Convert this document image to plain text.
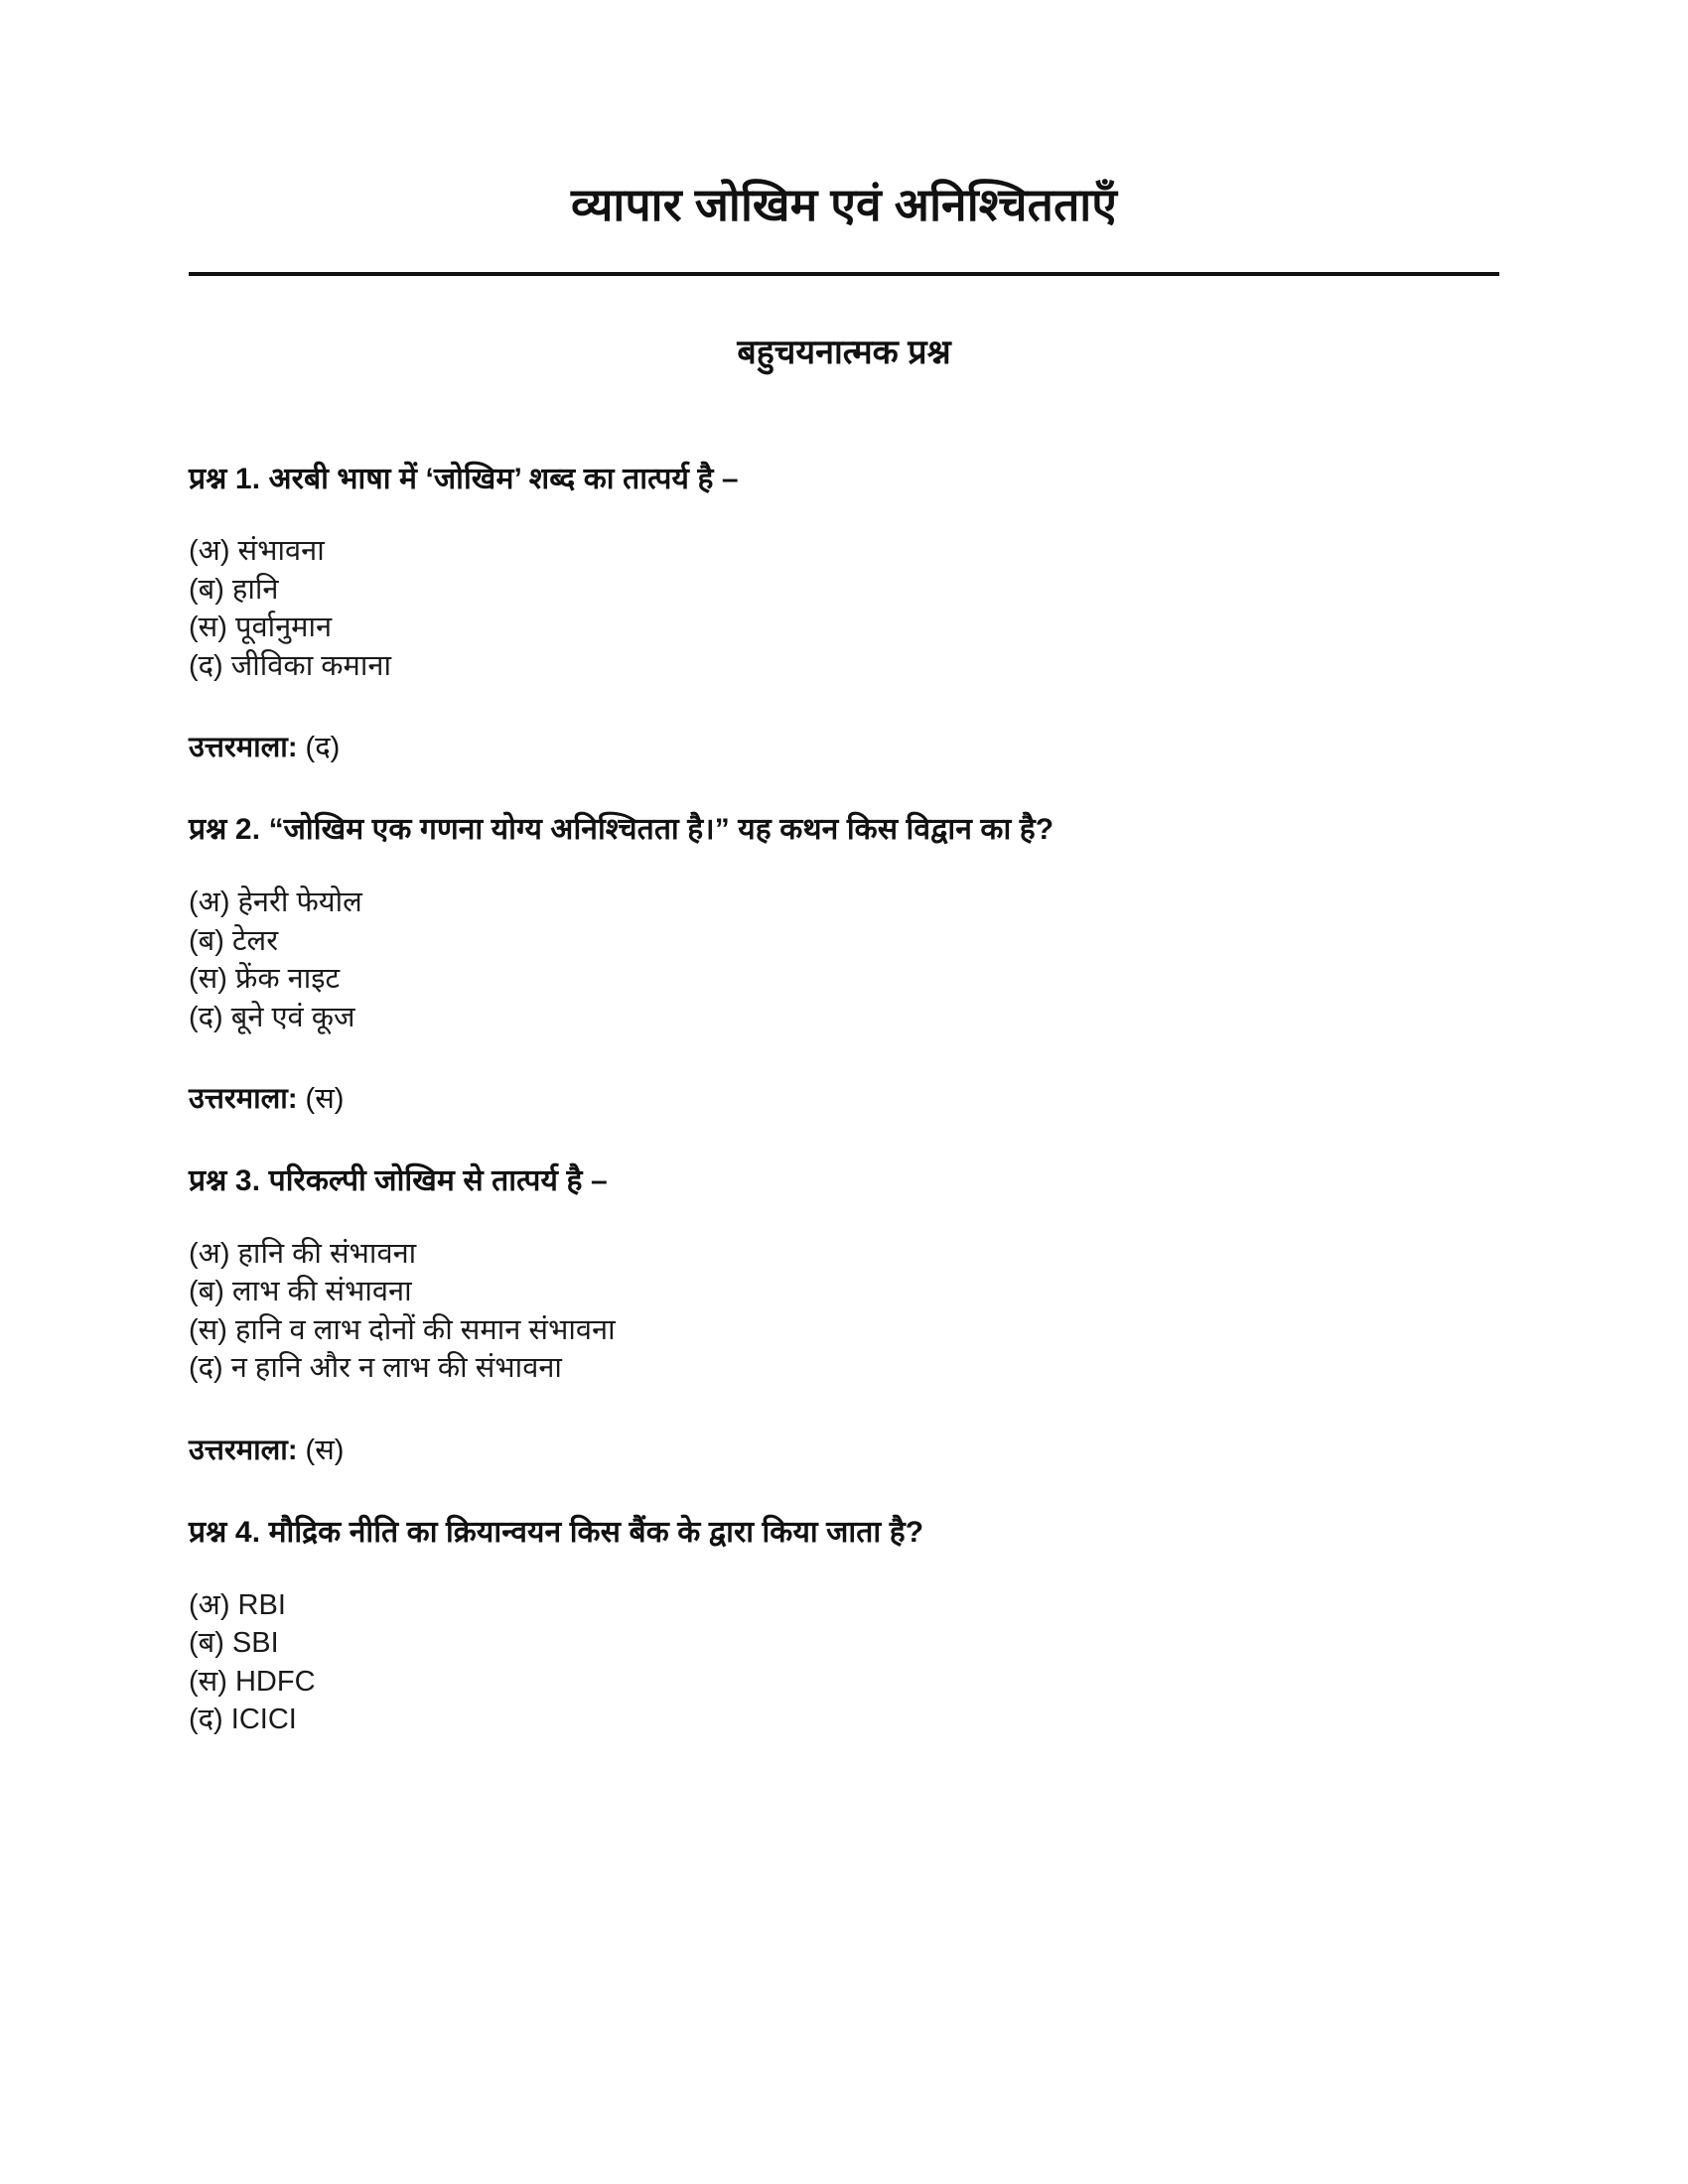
व्यापार जोखिम एवं अनिश्चितताएँ
बहुचयनात्मक प्रश्न

प्रश्न 1. अरबी भाषा में ‘जोखिम’ शब्द का तात्पर्य है –

(अ) संभावना
(ब) हानि
(स) पूर्वानुमान
(द) जीविका कमाना

उत्तरमाला: (द)

प्रश्न 2. “जोखिम एक गणना योग्य अनिश्चितता है।” यह कथन किस विद्वान का है?

(अ) हेनरी फेयोल
(ब) टेलर
(स) फ्रेंक नाइट
(द) बूने एवं कूज

उत्तरमाला: (स)

प्रश्न 3. परिकल्पी जोखिम से तात्पर्य है –

(अ) हानि की संभावना
(ब) लाभ की संभावना
(स) हानि व लाभ दोनों की समान संभावना
(द) न हानि और न लाभ की संभावना

उत्तरमाला: (स)

प्रश्न 4. मौद्रिक नीति का क्रियान्वयन किस बैंक के द्वारा किया जाता है?

(अ) RBI
(ब) SBI
(स) HDFC
(द) ICICI
